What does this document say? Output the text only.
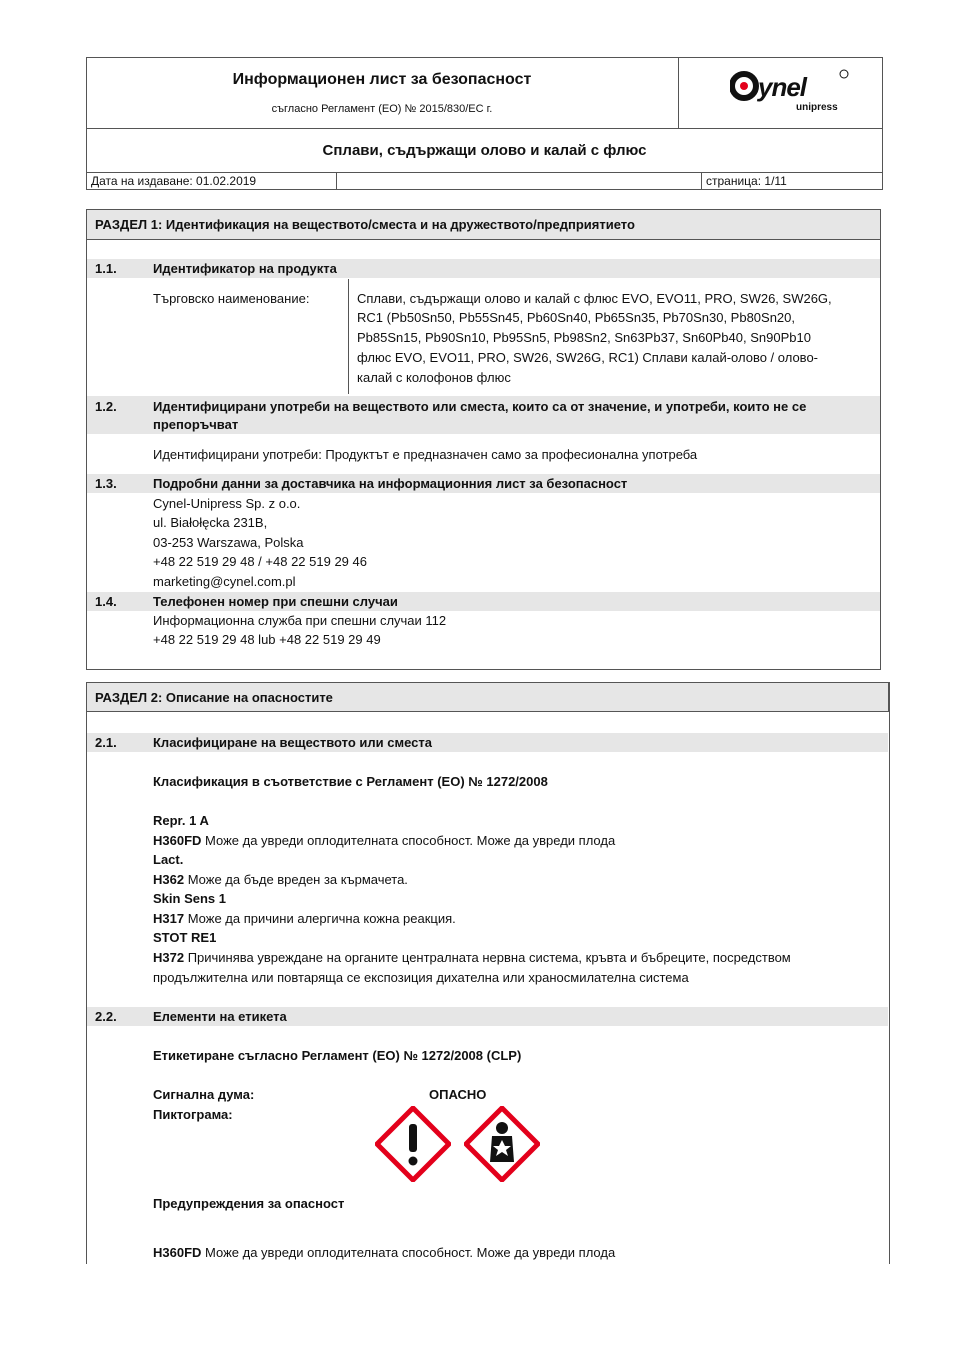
Информационен лист за безопасност
съгласно Регламент (ЕО) № 2015/830/ЕС г.
ynel
unipress
Сплави, съдържащи олово и калай с флюс
Дата на издаване: 01.02.2019	страница: 1/11
РАЗДЕЛ 1: Идентификация на веществото/сместа и на дружеството/предприятието
1.1.	Идентификатор на продукта
Търговско наименование:	Сплави, съдържащи олово и калай с флюс EVO, EVO11, PRO, SW26, SW26G,
RC1 (Pb50Sn50, Pb55Sn45, Pb60Sn40, Pb65Sn35, Pb70Sn30, Pb80Sn20,
Pb85Sn15, Pb90Sn10, Pb95Sn5, Pb98Sn2, Sn63Pb37, Sn60Pb40, Sn90Pb10
флюс EVO, EVO11, PRO, SW26, SW26G, RC1) Сплави калай-олово / олово-
калай с колофонов флюс
1.2.	Идентифицирани употреби на веществото или сместа, които са от значение, и употреби, които не се
препоръчват
Идентифицирани употреби: Продуктът е предназначен само за професионална употреба
1.3.	Подробни данни за доставчика на информационния лист за безопасност
Cynel-Unipress Sp. z o.o.
ul. Białołęcka 231B,
03-253 Warszawa, Polska
+48 22 519 29 48 / +48 22 519 29 46
marketing@cynel.com.pl
1.4.	Телефонен номер при спешни случаи
Информационна служба при спешни случаи 112
+48 22 519 29 48 lub +48 22 519 29 49
РАЗДЕЛ 2: Описание на опасностите
2.1.	Класифициране на веществото или сместа
Класификация в съответствие с Регламент (ЕО) № 1272/2008
Repr. 1 A
H360FD Може да увреди оплодителната способност. Може да увреди плода
Lact.
H362 Може да бъде вреден за кърмачета.
Skin Sens 1
H317 Може да причини алергична кожна реакция.
STOT RE1
H372 Причинява увреждане на органите централната нервна система, кръвта и бъбреците, посредством
продължителна или повтаряща се експозиция дихателна или храносмилателна система
2.2.	Елементи на етикета
Етикетиране съгласно Регламент (ЕО) № 1272/2008 (CLP)
Сигнална дума:	ОПАСНО
Пиктограма:
Предупреждения за опасност
H360FD Може да увреди оплодителната способност. Може да увреди плода
